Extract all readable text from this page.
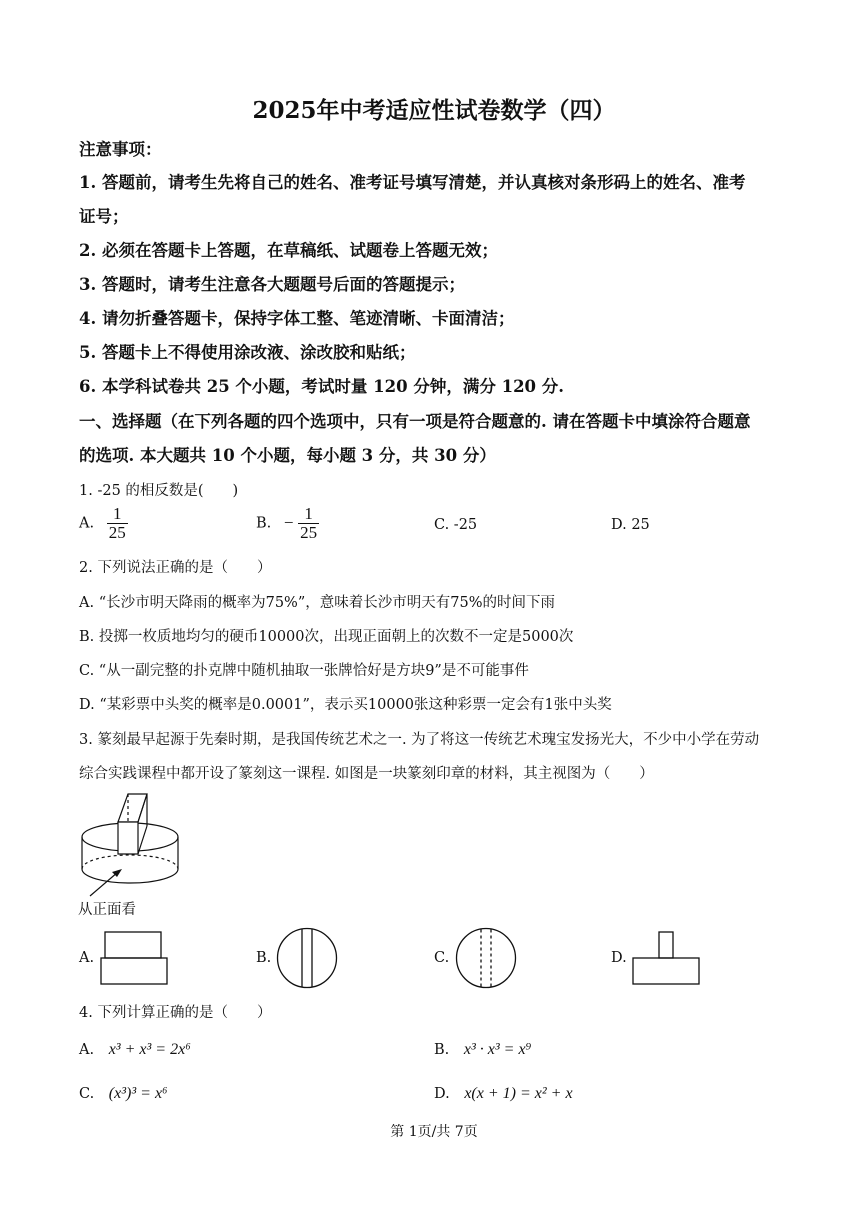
2025年中考适应性试卷数学（四）
注意事项：
1. 答题前，请考生先将自己的姓名、准考证号填写清楚，并认真核对条形码上的姓名、准考
证号；
2. 必须在答题卡上答题，在草稿纸、试题卷上答题无效；
3. 答题时，请考生注意各大题题号后面的答题提示；
4. 请勿折叠答题卡，保持字体工整、笔迹清晰、卡面清洁；
5. 答题卡上不得使用涂改液、涂改胶和贴纸；
6. 本学科试卷共 25 个小题，考试时量 120 分钟，满分 120 分.
一、选择题（在下列各题的四个选项中，只有一项是符合题意的. 请在答题卡中填涂符合题意
的选项. 本大题共 10 个小题，每小题 3 分，共 30 分）
1. -25 的相反数是(　　)
A. $\frac{1}{25}$	B. − $\frac{1}{25}$	C. -25	D. 25
2. 下列说法正确的是（　　）
A. “长沙市明天降雨的概率为75%”，意味着长沙市明天有75%的时间下雨
B. 投掷一枚质地均匀的硬币10000次，出现正面朝上的次数不一定是5000次
C. “从一副完整的扑克牌中随机抽取一张牌恰好是方块9”是不可能事件
D. “某彩票中头奖的概率是0.0001”，表示买10000张这种彩票一定会有1张中头奖
3. 篆刻最早起源于先秦时期，是我国传统艺术之一. 为了将这一传统艺术瑰宝发扬光大，不少中小学在劳动
综合实践课程中都开设了篆刻这一课程. 如图是一块篆刻印章的材料，其主视图为（　　）
从正面看
A.	B.	C.	D.
4. 下列计算正确的是（　　）
A. x³ + x³ = 2x⁶	B. x³ · x³ = x⁹
C. (x³)³ = x⁶	D. x(x + 1) = x² + x
第 1页/共 7页
